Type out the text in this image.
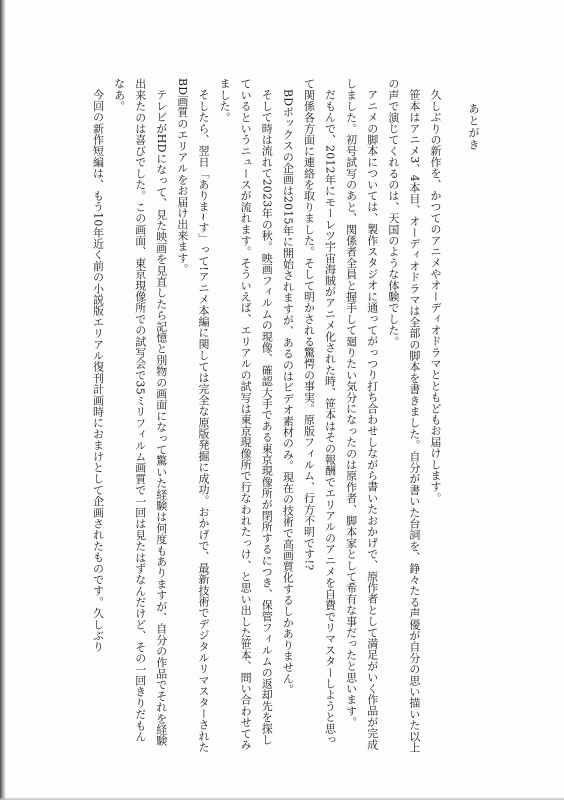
あとがき

久しぶりの新作を、かつてのアニメやオーディオドラマとともどもお届けします。

笹本はアニメ3、4本目、オーディオドラマは全部の脚本を書きました。自分が書いた台詞を、錚々たる声優が自分の思い描いた以上の声で演じてくれるのは、天国のような体験でした。

アニメの脚本については、製作スタジオに通ってがっつり打ち合わせしながら書いたおかげで、原作者として満足がいく作品が完成しました。初号試写のあと、関係者全員と握手して廻りたい気分になったのは原作者、脚本家として希有な事だったと思います。

だもんで、2012年にモーレツ宇宙海賊がアニメ化された時、笹本はその報酬でエリアルのアニメを自費でリマスターしようと思って関係各方面に連絡を取りました。そして明かされる驚愕の事実。原版フィルム、行方不明です!?

BDボックスの企画は2015年に開始されますが、あるのはビデオ素材のみ。現在の技術で高画質化するしかありません。

そして時は流れて2023年の秋。映画フィルムの現像、確認大手である東京現像所が閉所するにつき、保管フィルムの返却先を探しているというニュースが流れます。そういえば、エリアルの試写は東京現像所で行なわれたっけ、と思い出した笹本、問い合わせてみました。

そしたら、翌日「ありま~す」って!アニメ本編に関しては完全な原版発掘に成功。おかげで、最新技術でデジタルリマスターされたBD画質のエリアルをお届け出来ます。

テレビがHDになって、見た映画を見直したら記憶と別物の画面になって驚いた経験は何度もありますが、自分の作品でそれを経験出来たのは喜びでした。この画面、東京現像所での試写会で35ミリフィルム画質で一回は見たはずなんだけど、その一回きりだもんなあ。

今回の新作短編は、もう10年近く前の小説版エリアル復刊計画時におまけとして企画されたものです。久しぶり
